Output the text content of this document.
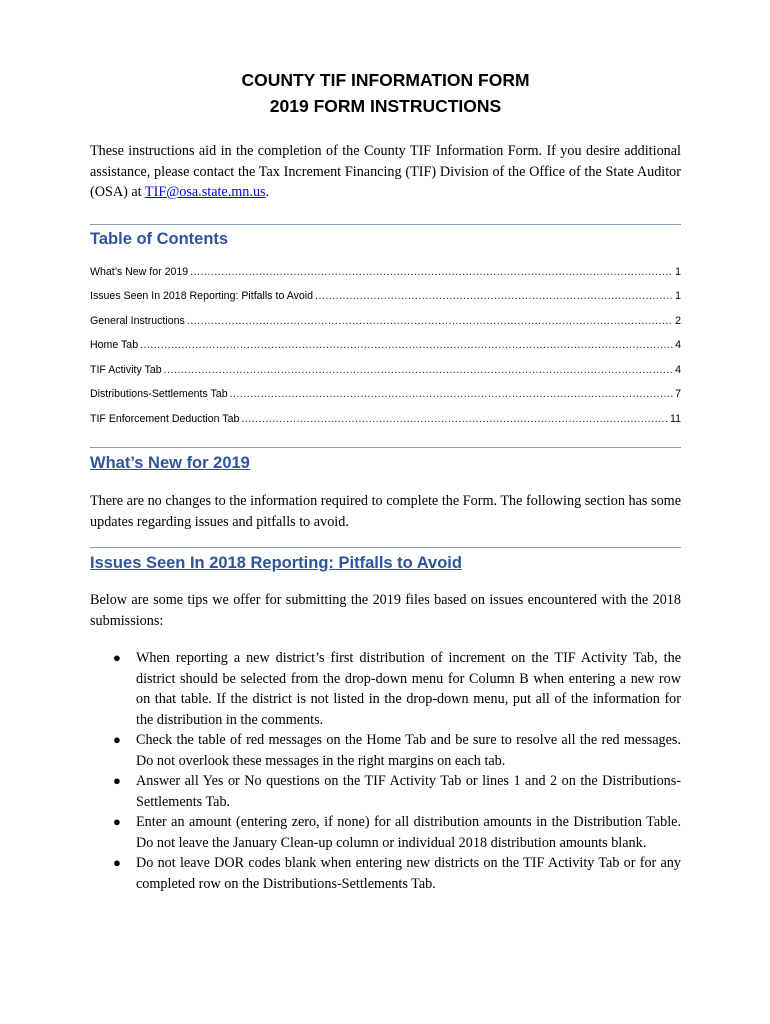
COUNTY TIF INFORMATION FORM
2019 FORM INSTRUCTIONS

These instructions aid in the completion of the County TIF Information Form. If you desire additional assistance, please contact the Tax Increment Financing (TIF) Division of the Office of the State Auditor (OSA) at TIF@osa.state.mn.us.

Table of Contents
What’s New for 2019 .....	1
Issues Seen In 2018 Reporting: Pitfalls to Avoid .....	1
General Instructions .....	2
Home Tab .....	4
TIF Activity Tab .....	4
Distributions-Settlements Tab .....	7
TIF Enforcement Deduction Tab .....	11
What’s New for 2019

There are no changes to the information required to complete the Form. The following section has some updates regarding issues and pitfalls to avoid.

Issues Seen In 2018 Reporting: Pitfalls to Avoid

Below are some tips we offer for submitting the 2019 files based on issues encountered with the 2018 submissions:

● When reporting a new district’s first distribution of increment on the TIF Activity Tab, the district should be selected from the drop-down menu for Column B when entering a new row on that table. If the district is not listed in the drop-down menu, put all of the information for the distribution in the comments.
● Check the table of red messages on the Home Tab and be sure to resolve all the red messages. Do not overlook these messages in the right margins on each tab.
● Answer all Yes or No questions on the TIF Activity Tab or lines 1 and 2 on the Distributions-Settlements Tab.
● Enter an amount (entering zero, if none) for all distribution amounts in the Distribution Table. Do not leave the January Clean-up column or individual 2018 distribution amounts blank.
● Do not leave DOR codes blank when entering new districts on the TIF Activity Tab or for any completed row on the Distributions-Settlements Tab.
